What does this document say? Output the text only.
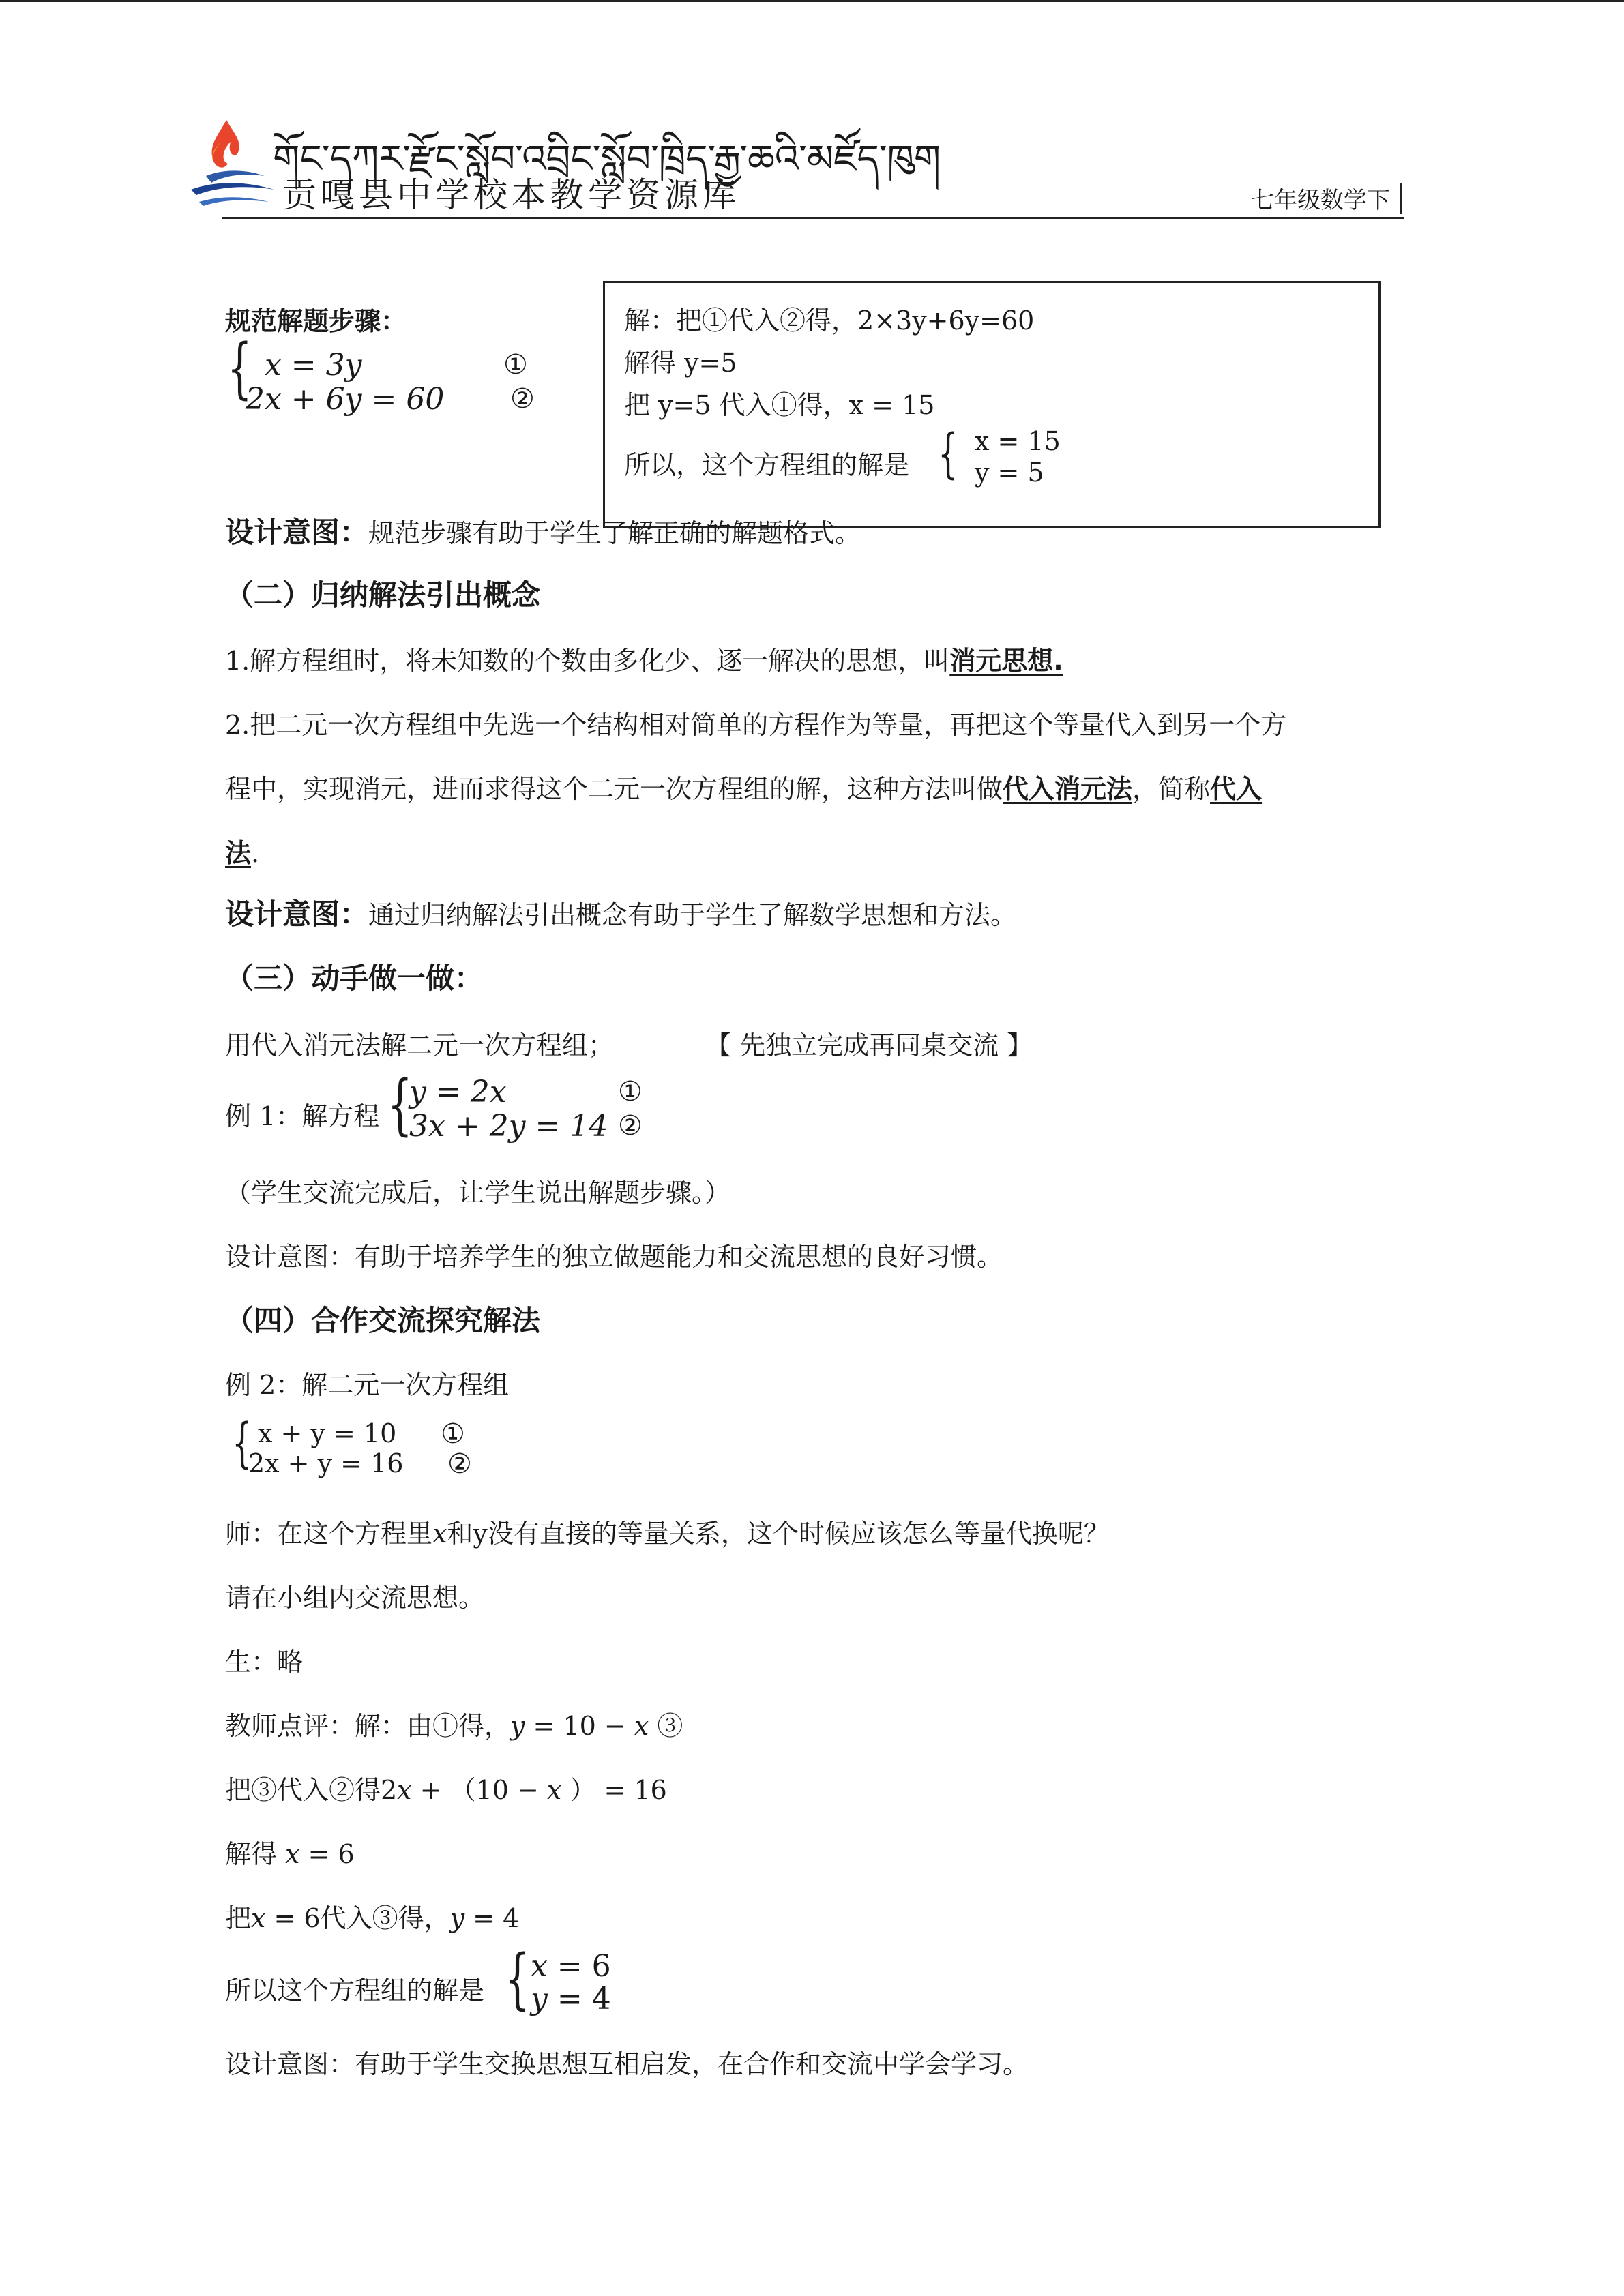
གོང་དཀར་རྫོང་སློབ་འབྲིང་སློབ་ཁྲིད་རྒྱ་ཆའི་མཛོད་ཁུག
贡嘎县中学校本教学资源库	七年级数学下
规范解题步骤：
{ x = 3y	①
2x + 6y = 60 ②
解：把①代入②得，2×3y+6y=60
解得 y=5
把 y=5 代入①得，x = 15
所以，这个方程组的解是 { x = 15
y = 5
设计意图：规范步骤有助于学生了解正确的解题格式。
（二）归纳解法引出概念
1.解方程组时，将未知数的个数由多化少、逐一解决的思想，叫消元思想.
2.把二元一次方程组中先选一个结构相对简单的方程作为等量，再把这个等量代入到另一个方
程中，实现消元，进而求得这个二元一次方程组的解，这种方法叫做代入消元法，简称代入
法.
设计意图：通过归纳解法引出概念有助于学生了解数学思想和方法。
（三）动手做一做：
用代入消元法解二元一次方程组；	【 先独立完成再同桌交流 】
例 1：解方程 {
y = 2x	①
3x + 2y = 14 ②
（学生交流完成后，让学生说出解题步骤。）
设计意图：有助于培养学生的独立做题能力和交流思想的良好习惯。
（四）合作交流探究解法
例 2：解二元一次方程组
{ x + y = 10 ①
2x + y = 16 ②
师：在这个方程里𝑥和y没有直接的等量关系，这个时候应该怎么等量代换呢？
请在小组内交流思想。
生：略
教师点评：解：由①得，𝑦 = 10 − 𝑥 ③
把③代入②得2𝑥 + （10 − 𝑥 ） = 16
解得 𝑥 = 6
把𝑥 = 6代入③得，𝑦 = 4
所以这个方程组的解是 { 𝑥 = 6
𝑦 = 4
设计意图：有助于学生交换思想互相启发，在合作和交流中学会学习。
